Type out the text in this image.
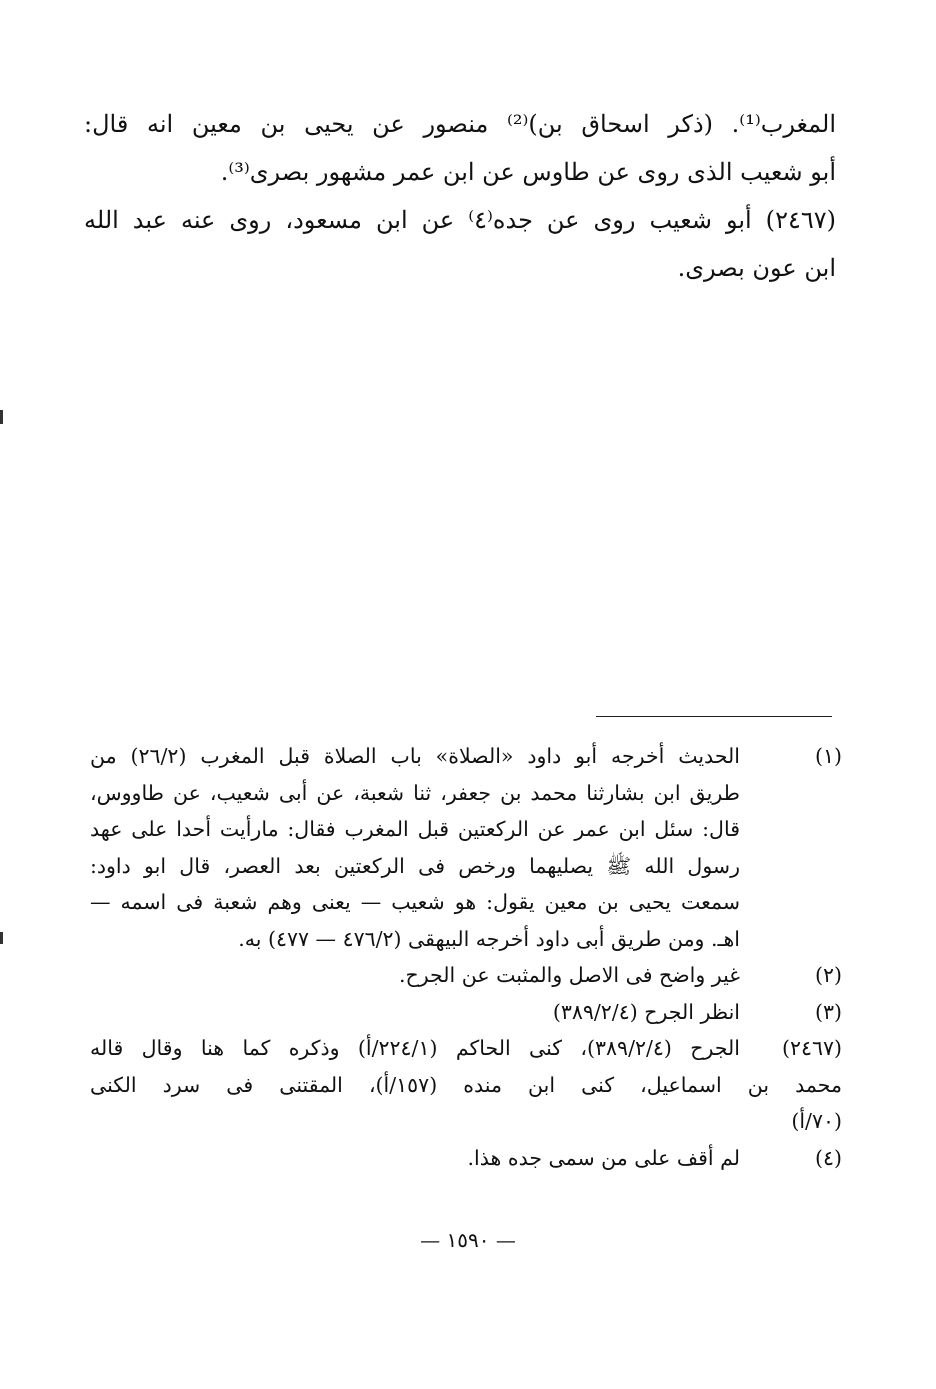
المغرب⁽¹⁾. (ذكر اسحاق بن)⁽²⁾ منصور عن يحيى بن معين انه قال:
أبو شعيب الذى روى عن طاوس عن ابن عمر مشهور بصرى⁽³⁾.
(٢٤٦٧) أبو شعيب روى عن جده⁽٤⁾ عن ابن مسعود، روى عنه عبد الله
ابن عون بصرى.
(١)
الحديث أخرجه أبو داود «الصلاة» باب الصلاة قبل المغرب (٢٦/٢) من
طريق ابن بشارثنا محمد بن جعفر، ثنا شعبة، عن أبى شعيب، عن طاووس،
قال: سئل ابن عمر عن الركعتين قبل المغرب فقال: مارأيت أحدا على عهد
رسول الله ﷺ يصليهما ورخص فى الركعتين بعد العصر، قال ابو داود:
سمعت يحيى بن معين يقول: هو شعيب — يعنى وهم شعبة فى اسمه —
اهـ. ومن طريق أبى داود أخرجه البيهقى (٤٧٦/٢ — ٤٧٧) به.
(٢)
غير واضح فى الاصل والمثبت عن الجرح.
(٣)
انظر الجرح (٣٨٩/٢/٤)
(٢٤٦٧)
الجرح (٣٨٩/٢/٤)، كنى الحاكم (٢٢٤/١/أ) وذكره كما هنا وقال قاله
محمد بن اسماعيل، كنى ابن منده (١٥٧/أ)، المقتنى فى سرد الكنى
(٧٠/أ)
(٤)
لم أقف على من سمى جده هذا.
— ١٥٩٠ —
